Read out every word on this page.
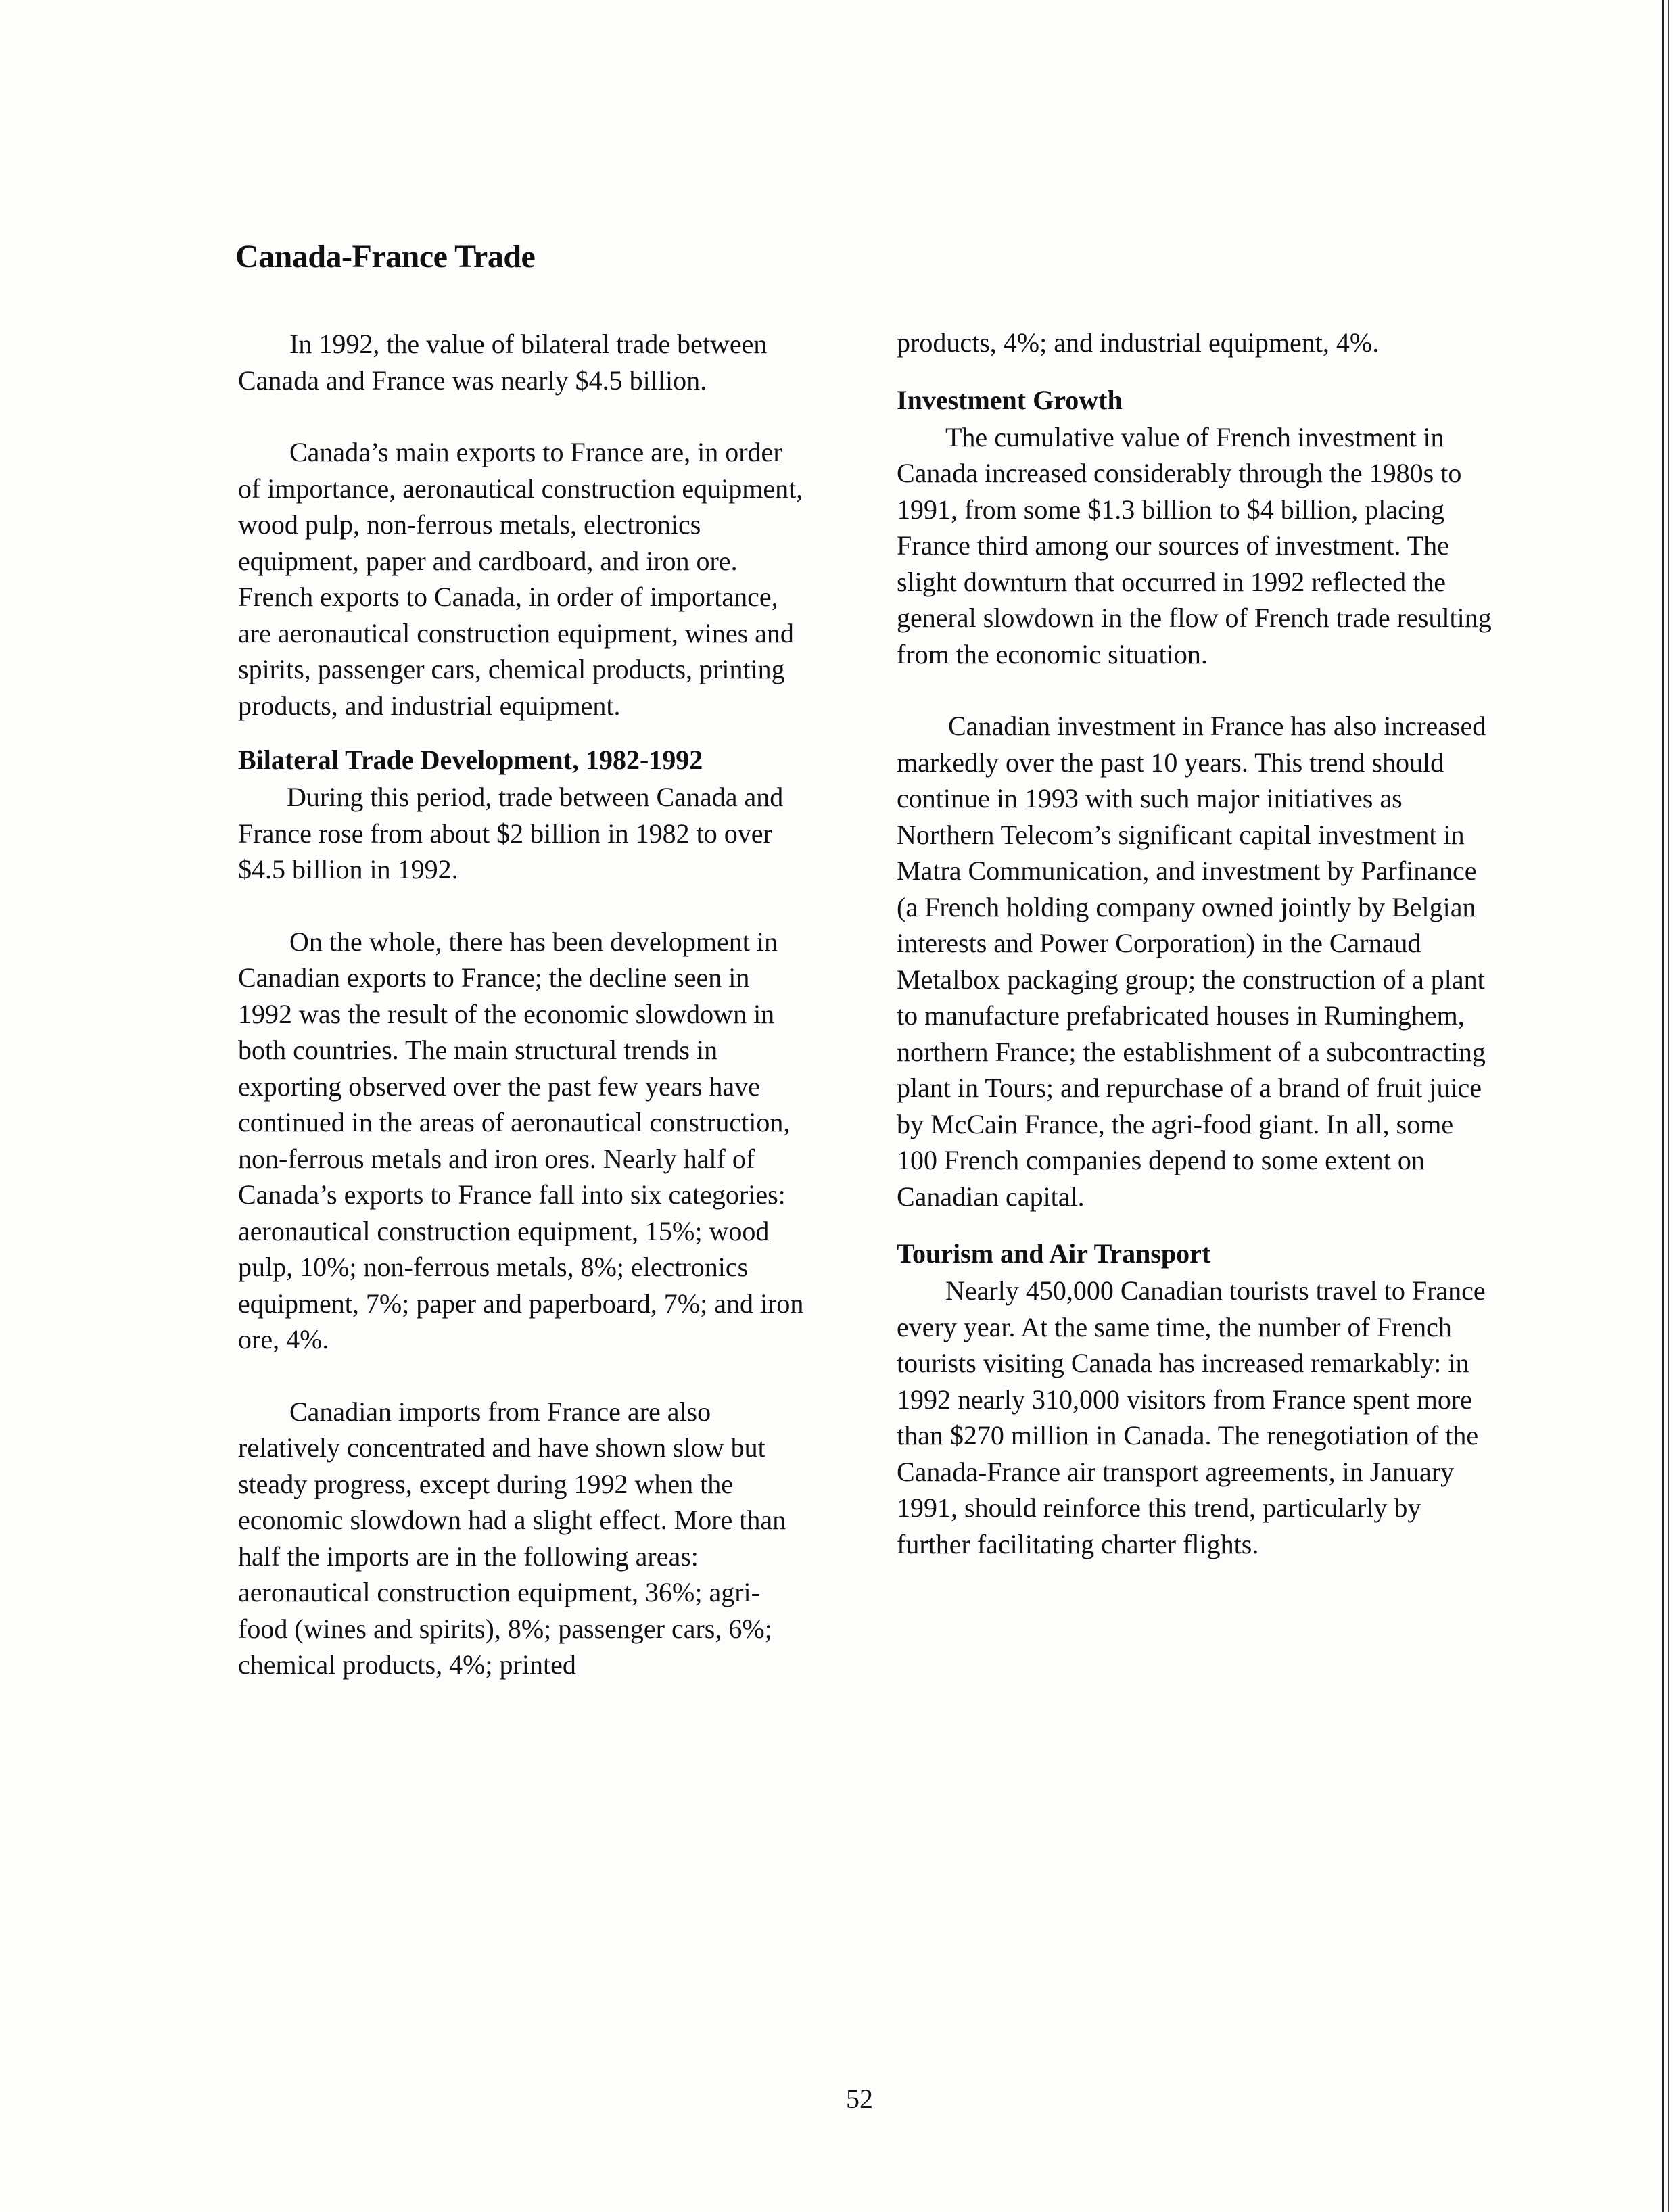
Canada-France Trade

In 1992, the value of bilateral trade between Canada and France was nearly $4.5 billion.

Canada’s main exports to France are, in order of importance, aeronautical construction equipment, wood pulp, non-ferrous metals, electronics equipment, paper and cardboard, and iron ore. French exports to Canada, in order of importance, are aeronautical construction equipment, wines and spirits, passenger cars, chemical products, printing products, and industrial equipment.

Bilateral Trade Development, 1982-1992

During this period, trade between Canada and France rose from about $2 billion in 1982 to over $4.5 billion in 1992.

On the whole, there has been development in Canadian exports to France; the decline seen in 1992 was the result of the economic slowdown in both countries. The main structural trends in exporting observed over the past few years have continued in the areas of aeronautical construction, non-ferrous metals and iron ores. Nearly half of Canada’s exports to France fall into six categories: aeronautical construction equipment, 15%; wood pulp, 10%; non-ferrous metals, 8%; electronics equipment, 7%; paper and paperboard, 7%; and iron ore, 4%.

Canadian imports from France are also relatively concentrated and have shown slow but steady progress, except during 1992 when the economic slowdown had a slight effect. More than half the imports are in the following areas: aeronautical construction equipment, 36%; agri-food (wines and spirits), 8%; passenger cars, 6%; chemical products, 4%; printed

products, 4%; and industrial equipment, 4%.

Investment Growth

The cumulative value of French investment in Canada increased considerably through the 1980s to 1991, from some $1.3 billion to $4 billion, placing France third among our sources of investment. The slight downturn that occurred in 1992 reflected the general slowdown in the flow of French trade resulting from the economic situation.

Canadian investment in France has also increased markedly over the past 10 years. This trend should continue in 1993 with such major initiatives as Northern Telecom’s significant capital investment in Matra Communication, and investment by Parfinance (a French holding company owned jointly by Belgian interests and Power Corporation) in the Carnaud Metalbox packaging group; the construction of a plant to manufacture prefabricated houses in Ruminghem, northern France; the establishment of a subcontracting plant in Tours; and repurchase of a brand of fruit juice by McCain France, the agri-food giant. In all, some 100 French companies depend to some extent on Canadian capital.

Tourism and Air Transport

Nearly 450,000 Canadian tourists travel to France every year. At the same time, the number of French tourists visiting Canada has increased remarkably: in 1992 nearly 310,000 visitors from France spent more than $270 million in Canada. The renegotiation of the Canada-France air transport agreements, in January 1991, should reinforce this trend, particularly by further facilitating charter flights.

52
